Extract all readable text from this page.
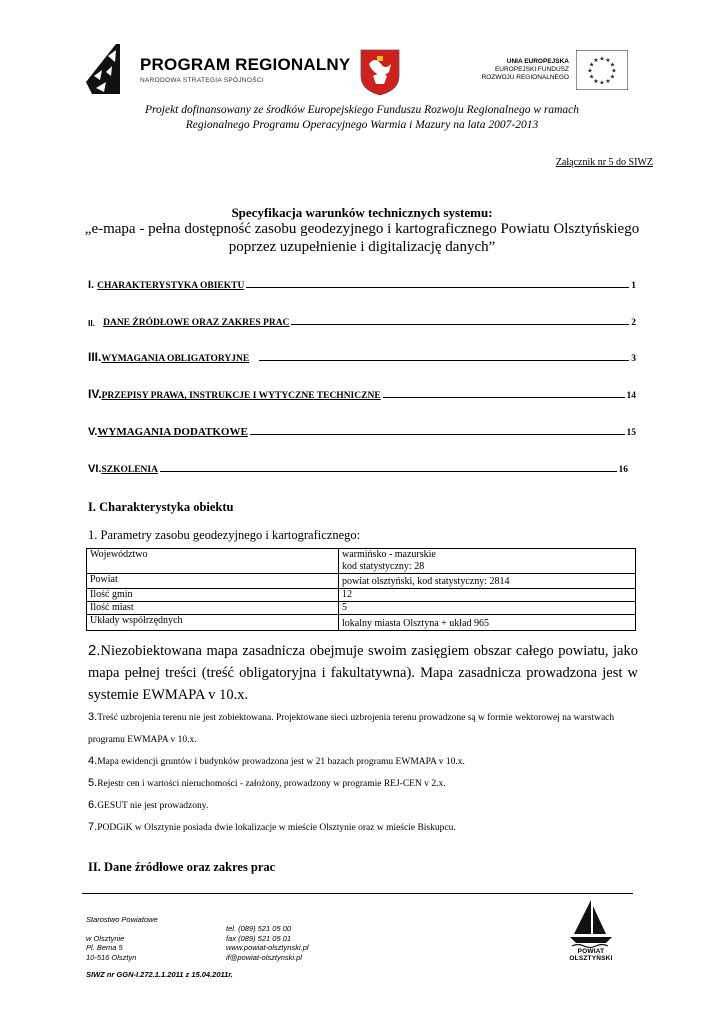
PROGRAM REGIONALNY
NARODOWA STRATEGIA SPÓJNOŚCI
UNIA EUROPEJSKA
EUROPEJSKI FUNDUSZ
ROZWOJU REGIONALNEGO
★
★
★
★
★
★
★
★
★ ★ ★
★
Projekt dofinansowany ze środków Europejskiego Funduszu Rozwoju Regionalnego w ramach
Regionalnego Programu Operacyjnego Warmia i Mazury na lata 2007-2013
Załącznik nr 5 do SIWZ
Specyfikacja warunków technicznych systemu:
„e-mapa - pełna dostępność zasobu geodezyjnego i kartograficznego Powiatu Olsztyńskiego
poprzez uzupełnienie i digitalizację danych”
I. CHARAKTERYSTYKA OBIEKTU	1
II. DANE ŹRÓDŁOWE ORAZ ZAKRES PRAC	2
III. WYMAGANIA OBLIGATORYJNE	3
IV. PRZEPISY PRAWA, INSTRUKCJE I WYTYCZNE TECHNICZNE	14
V. WYMAGANIA DODATKOWE	15
VI. SZKOLENIA	16
I. Charakterystyka obiektu
1. Parametry zasobu geodezyjnego i kartograficznego:
Województwo	warmińsko - mazurskie
kod statystyczny: 28

Powiat	powiat olsztyński, kod statystyczny: 2814
Ilość gmin	12
Ilość miast	5
Układy współrzędnych	lokalny miasta Olsztyna + układ 965
2.Niezobiektowana mapa zasadnicza obejmuje swoim zasięgiem obszar całego powiatu, jako mapa pełnej treści (treść obligatoryjna i fakultatywna). Mapa zasadnicza prowadzona jest w systemie EWMAPA v 10.x.
3.Treść uzbrojenia terenu nie jest zobiektowana. Projektowane sieci uzbrojenia terenu prowadzone są w formie wektorowej na warstwach programu EWMAPA v 10.x.
4.Mapa ewidencji gruntów i budynków prowadzona jest w 21 bazach programu EWMAPA v 10.x.
5.Rejestr cen i wartości nieruchomości - założony, prowadzony w programie REJ-CEN v 2.x.
6.GESUT nie jest prowadzony.
7.PODGiK w Olsztynie posiada dwie lokalizacje w mieście Olsztynie oraz w mieście Biskupcu.
II. Dane źródłowe oraz zakres prac
Starostwo Powiatowe
w Olsztynie
Pl. Bema 5
10-516 Olsztyn
tel. (089) 521 05 00
fax (089) 521 05 01
www.powiat-olsztynski.pl
if@powiat-olsztynski.pl
SIWZ nr GGN-I.272.1.1.2011 z 15.04.2011r.
POWIAT OLSZTYŃSKI
